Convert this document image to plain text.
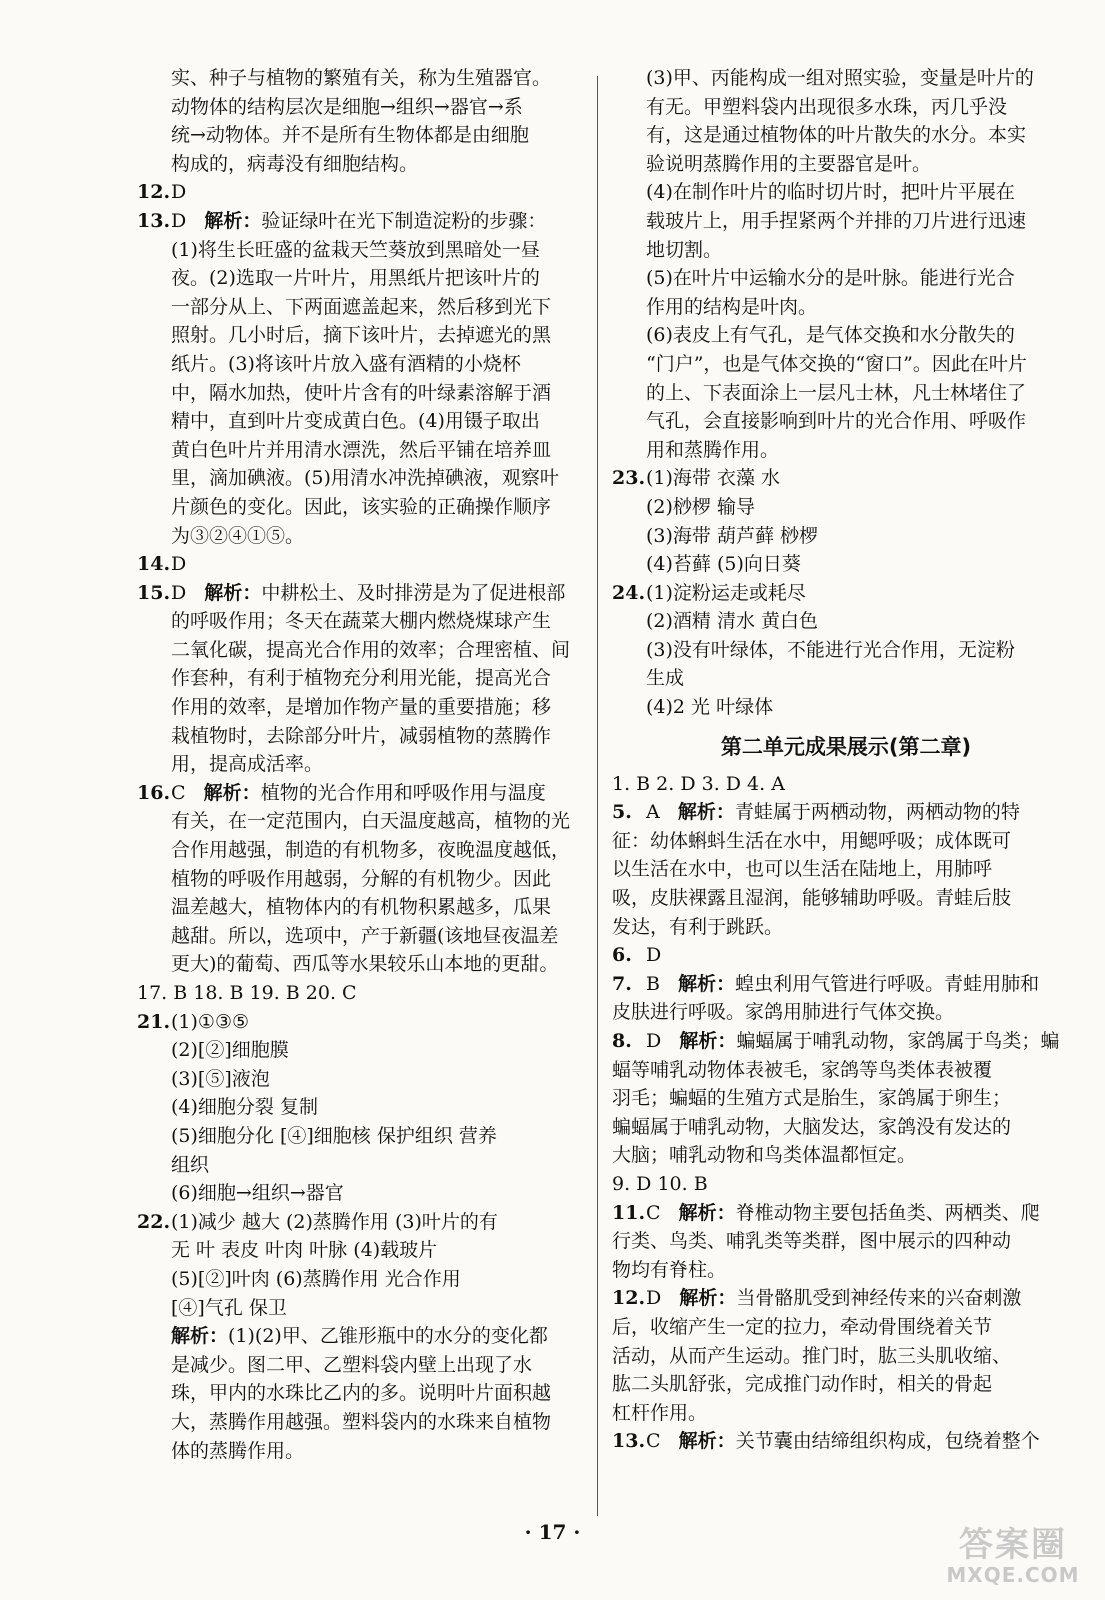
实、种子与植物的繁殖有关，称为生殖器官。
动物体的结构层次是细胞→组织→器官→系
统→动物体。并不是所有生物体都是由细胞
构成的，病毒没有细胞结构。
12. D
13. D 解析：验证绿叶在光下制造淀粉的步骤：
(1)将生长旺盛的盆栽天竺葵放到黑暗处一昼
夜。(2)选取一片叶片，用黑纸片把该叶片的
一部分从上、下两面遮盖起来，然后移到光下
照射。几小时后，摘下该叶片，去掉遮光的黑
纸片。(3)将该叶片放入盛有酒精的小烧杯
中，隔水加热，使叶片含有的叶绿素溶解于酒
精中，直到叶片变成黄白色。(4)用镊子取出
黄白色叶片并用清水漂洗，然后平铺在培养皿
里，滴加碘液。(5)用清水冲洗掉碘液，观察叶
片颜色的变化。因此，该实验的正确操作顺序
为③②④①⑤。
14. D
15. D 解析：中耕松土、及时排涝是为了促进根部
的呼吸作用；冬天在蔬菜大棚内燃烧煤球产生
二氧化碳，提高光合作用的效率；合理密植、间
作套种，有利于植物充分利用光能，提高光合
作用的效率，是增加作物产量的重要措施；移
栽植物时，去除部分叶片，减弱植物的蒸腾作
用，提高成活率。
16. C 解析：植物的光合作用和呼吸作用与温度
有关，在一定范围内，白天温度越高，植物的光
合作用越强，制造的有机物多，夜晚温度越低，
植物的呼吸作用越弱，分解的有机物少。因此
温差越大，植物体内的有机物积累越多，瓜果
越甜。所以，选项中，产于新疆(该地昼夜温差
更大)的葡萄、西瓜等水果较乐山本地的更甜。
17. B 18. B 19. B 20. C
21. (1)①③⑤
(2)[②]细胞膜
(3)[⑤]液泡
(4)细胞分裂 复制
(5)细胞分化 [④]细胞核 保护组织 营养
组织
(6)细胞→组织→器官
22. (1)减少 越大 (2)蒸腾作用 (3)叶片的有
无 叶 表皮 叶肉 叶脉 (4)载玻片
(5)[②]叶肉 (6)蒸腾作用 光合作用
[④]气孔 保卫
解析：(1)(2)甲、乙锥形瓶中的水分的变化都
是减少。图二甲、乙塑料袋内壁上出现了水
珠，甲内的水珠比乙内的多。说明叶片面积越
大，蒸腾作用越强。塑料袋内的水珠来自植物
体的蒸腾作用。
(3)甲、丙能构成一组对照实验，变量是叶片的
有无。甲塑料袋内出现很多水珠，丙几乎没
有，这是通过植物体的叶片散失的水分。本实
验说明蒸腾作用的主要器官是叶。
(4)在制作叶片的临时切片时，把叶片平展在
载玻片上，用手捏紧两个并排的刀片进行迅速
地切割。
(5)在叶片中运输水分的是叶脉。能进行光合
作用的结构是叶肉。
(6)表皮上有气孔，是气体交换和水分散失的
“门户”，也是气体交换的“窗口”。因此在叶片
的上、下表面涂上一层凡士林，凡士林堵住了
气孔，会直接影响到叶片的光合作用、呼吸作
用和蒸腾作用。
23. (1)海带 衣藻 水
(2)桫椤 输导
(3)海带 葫芦藓 桫椤
(4)苔藓 (5)向日葵
24. (1)淀粉运走或耗尽
(2)酒精 清水 黄白色
(3)没有叶绿体，不能进行光合作用，无淀粉
生成
(4)2 光 叶绿体
第二单元成果展示(第二章)
1. B 2. D 3. D 4. A
5. A 解析：青蛙属于两栖动物，两栖动物的特
征：幼体蝌蚪生活在水中，用鳃呼吸；成体既可
以生活在水中，也可以生活在陆地上，用肺呼
吸，皮肤裸露且湿润，能够辅助呼吸。青蛙后肢
发达，有利于跳跃。
6. D
7. B 解析：蝗虫利用气管进行呼吸。青蛙用肺和
皮肤进行呼吸。家鸽用肺进行气体交换。
8. D 解析：蝙蝠属于哺乳动物，家鸽属于鸟类；蝙
蝠等哺乳动物体表被毛，家鸽等鸟类体表被覆
羽毛；蝙蝠的生殖方式是胎生，家鸽属于卵生；
蝙蝠属于哺乳动物，大脑发达，家鸽没有发达的
大脑；哺乳动物和鸟类体温都恒定。
9. D 10. B
11. C 解析：脊椎动物主要包括鱼类、两栖类、爬
行类、鸟类、哺乳类等类群，图中展示的四种动
物均有脊柱。
12. D 解析：当骨骼肌受到神经传来的兴奋刺激
后，收缩产生一定的拉力，牵动骨围绕着关节
活动，从而产生运动。推门时，肱三头肌收缩、
肱二头肌舒张，完成推门动作时，相关的骨起
杠杆作用。
13. C 解析：关节囊由结缔组织构成，包绕着整个
· 17 ·	答案圈
MXQE.COM
